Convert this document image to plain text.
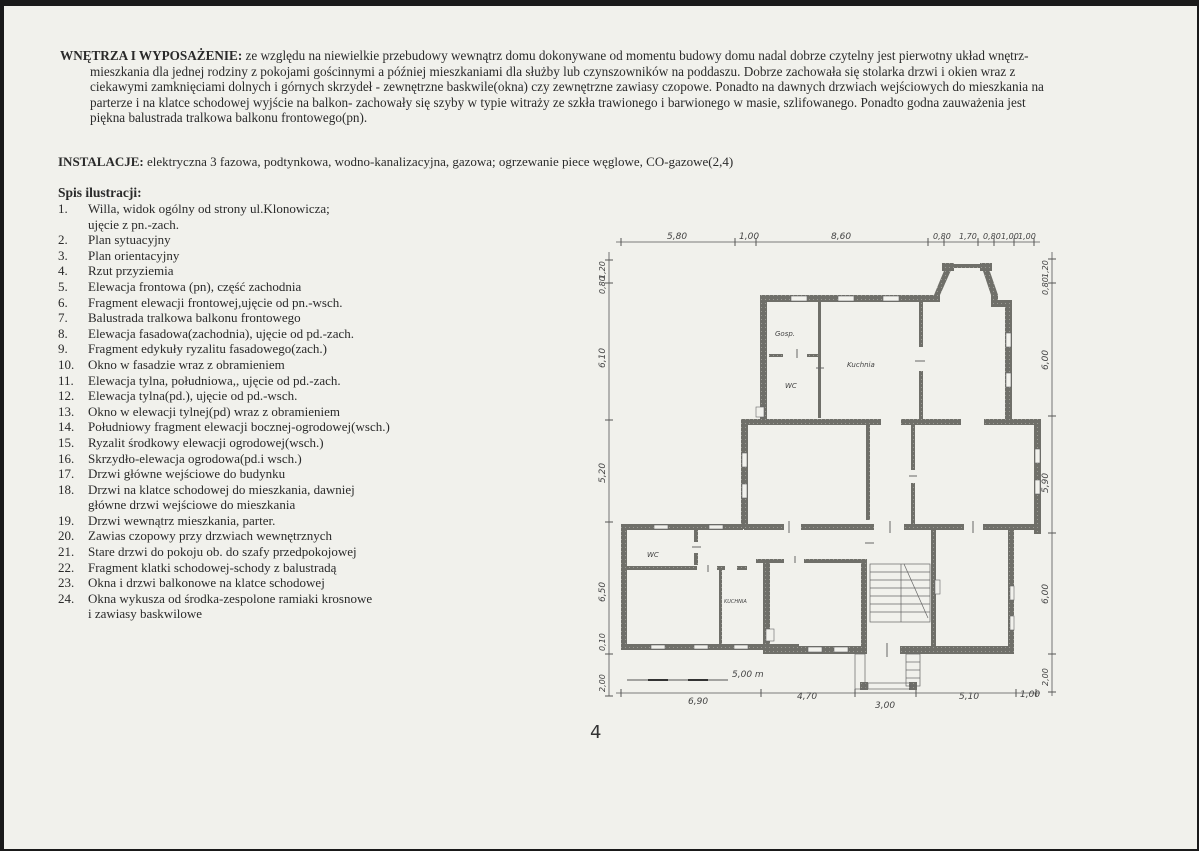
WNĘTRZA I WYPOSAŻENIE: ze względu na niewielkie przebudowy wewnątrz domu dokonywane od momentu budowy domu nadal dobrze czytelny jest pierwotny układ wnętrz-
mieszkania dla jednej rodziny z pokojami gościnnymi a później mieszkaniami dla służby lub czynszowników na poddaszu. Dobrze zachowała się stolarka drzwi i okien wraz z
ciekawymi zamknięciami dolnych i górnych skrzydeł - zewnętrzne baskwile(okna) czy zewnętrzne zawiasy czopowe. Ponadto na dawnych drzwiach wejściowych do mieszkania na
parterze i na klatce schodowej wyjście na balkon- zachowały się szyby w typie witraży ze szkła trawionego i barwionego w masie, szlifowanego. Ponadto godna zauważenia jest
piękna balustrada tralkowa balkonu frontowego(pn).
INSTALACJE: elektryczna 3 fazowa, podtynkowa, wodno-kanalizacyjna, gazowa; ogrzewanie piece węglowe, CO-gazowe(2,4)
Spis ilustracji:
1.	Willa, widok ogólny od strony ul.Klonowicza;
ujęcie z pn.-zach.
2.	Plan sytuacyjny
3.	Plan orientacyjny
4.	Rzut przyziemia
5.	Elewacja frontowa (pn), część zachodnia
6.	Fragment elewacji frontowej,ujęcie od pn.-wsch.
7.	Balustrada tralkowa balkonu frontowego
8.	Elewacja fasadowa(zachodnia), ujęcie od pd.-zach.
9.	Fragment edykuły ryzalitu fasadowego(zach.)
10.	Okno w fasadzie wraz z obramieniem
11.	Elewacja tylna, południowa,, ujęcie od pd.-zach.
12.	Elewacja tylna(pd.), ujęcie od pd.-wsch.
13.	Okno w elewacji tylnej(pd) wraz z obramieniem
14.	Południowy fragment elewacji bocznej-ogrodowej(wsch.)
15.	Ryzalit środkowy elewacji ogrodowej(wsch.)
16.	Skrzydło-elewacja ogrodowa(pd.i wsch.)
17.	Drzwi główne wejściowe do budynku
18.	Drzwi na klatce schodowej do mieszkania, dawniej
główne drzwi wejściowe do mieszkania
19.	Drzwi wewnątrz mieszkania, parter.
20.	Zawias czopowy przy drzwiach wewnętrznych
21.	Stare drzwi do pokoju ob. do szafy przedpokojowej
22.	Fragment klatki schodowej-schody z balustradą
23.	Okna i drzwi balkonowe na klatce schodowej
24.	Okna wykusza od środka-zespolone ramiaki krosnowe
i zawiasy baskwilowe
5,80	1,00	8,60	0,80 1,70 0,80 1,00 1,00
6,90	4,70
3,00
5,10	1,00
1,20
0,80
6,10
5,20
6,50
0,10
2,00
1,20
0,80
6,00
5,90
6,00
2,00
Gosp.
Kuchnia
WC
WC
KUCHNIA
5,00 m
4
